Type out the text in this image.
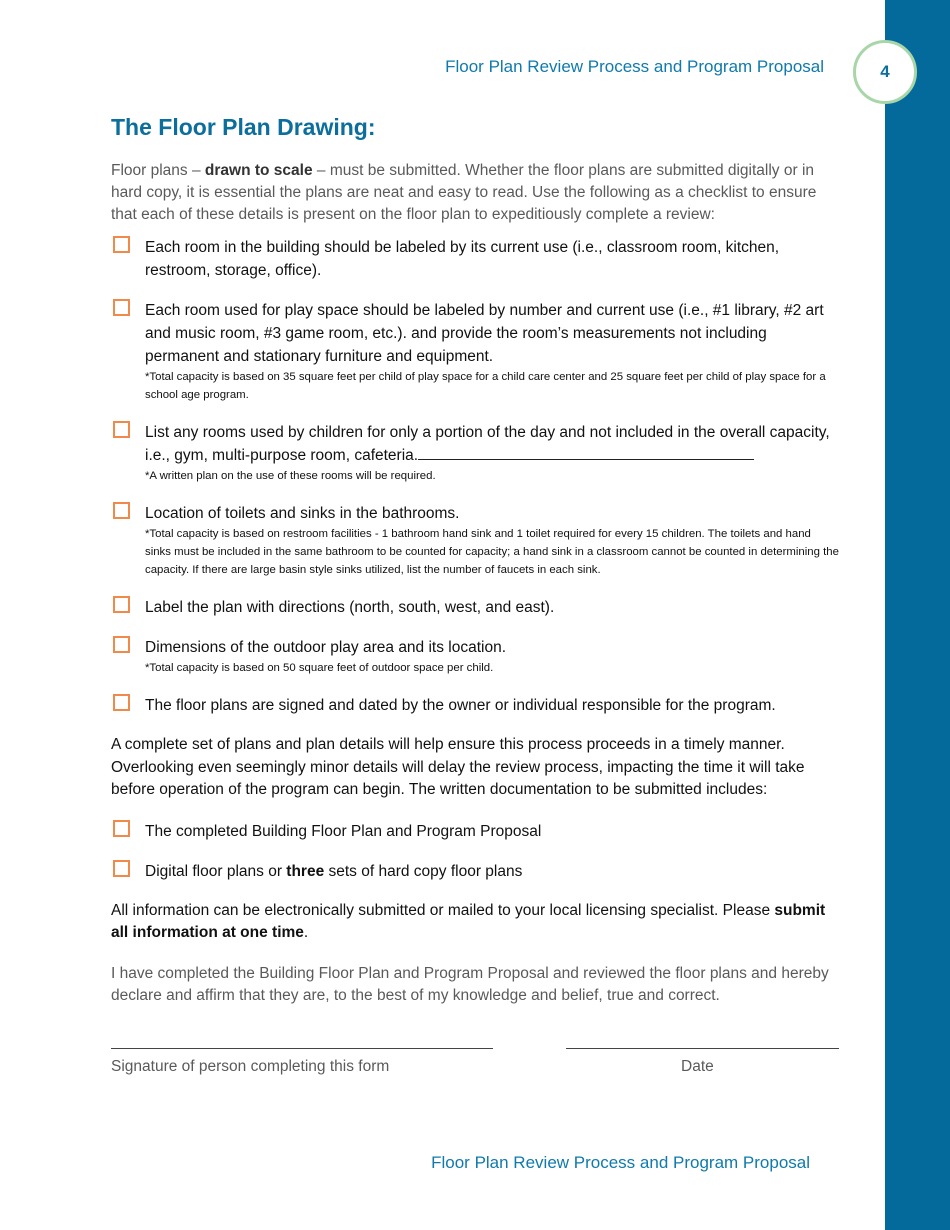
Floor Plan Review Process and Program Proposal	4
The Floor Plan Drawing:

Floor plans – drawn to scale – must be submitted. Whether the floor plans are submitted digitally or in hard copy, it is essential the plans are neat and easy to read. Use the following as a checklist to ensure that each of these details is present on the floor plan to expeditiously complete a review:

Each room in the building should be labeled by its current use (i.e., classroom room, kitchen, restroom, storage, office).
Each room used for play space should be labeled by number and current use (i.e., #1 library, #2 art and music room, #3 game room, etc.). and provide the room’s measurements not including permanent and stationary furniture and equipment.
*Total capacity is based on 35 square feet per child of play space for a child care center and 25 square feet per child of play space for a school age program.
List any rooms used by children for only a portion of the day and not included in the overall capacity, i.e., gym, multi-purpose room, cafeteria.
*A written plan on the use of these rooms will be required.
Location of toilets and sinks in the bathrooms.
*Total capacity is based on restroom facilities - 1 bathroom hand sink and 1 toilet required for every 15 children. The toilets and hand sinks must be included in the same bathroom to be counted for capacity; a hand sink in a classroom cannot be counted in determining the capacity. If there are large basin style sinks utilized, list the number of faucets in each sink.
Label the plan with directions (north, south, west, and east).
Dimensions of the outdoor play area and its location.
*Total capacity is based on 50 square feet of outdoor space per child.
The floor plans are signed and dated by the owner or individual responsible for the program.

A complete set of plans and plan details will help ensure this process proceeds in a timely manner. Overlooking even seemingly minor details will delay the review process, impacting the time it will take before operation of the program can begin. The written documentation to be submitted includes:

The completed Building Floor Plan and Program Proposal
Digital floor plans or three sets of hard copy floor plans

All information can be electronically submitted or mailed to your local licensing specialist. Please submit all information at one time.

I have completed the Building Floor Plan and Program Proposal and reviewed the floor plans and hereby declare and affirm that they are, to the best of my knowledge and belief, true and correct.

Signature of person completing this form	Date
Floor Plan Review Process and Program Proposal
